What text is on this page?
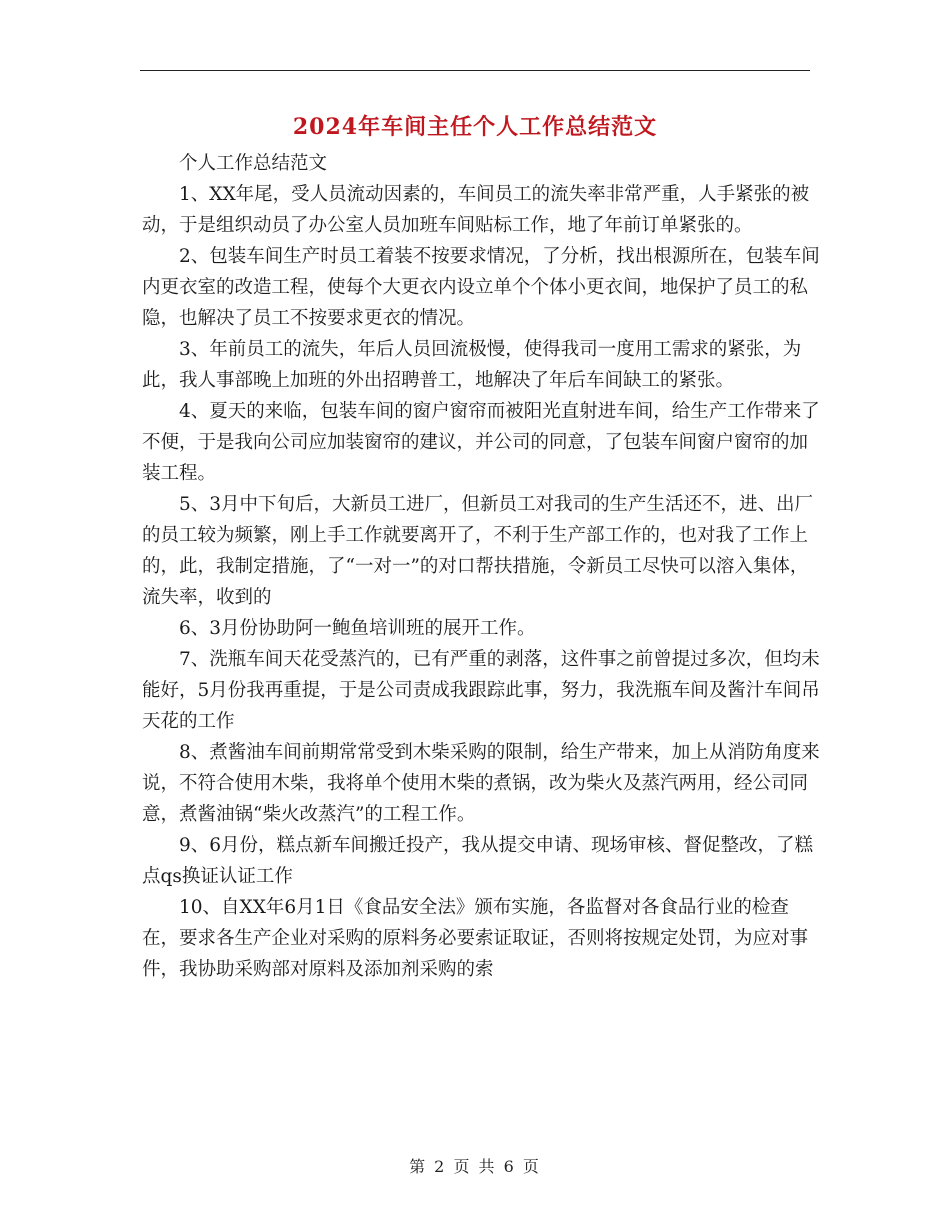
2024年车间主任个人工作总结范文

个人工作总结范文

1、XX年尾，受人员流动因素的，车间员工的流失率非常严重，人手紧张的被动，于是组织动员了办公室人员加班车间贴标工作，地了年前订单紧张的。

2、包装车间生产时员工着装不按要求情况，了分析，找出根源所在，包装车间内更衣室的改造工程，使每个大更衣内设立单个个体小更衣间，地保护了员工的私隐，也解决了员工不按要求更衣的情况。

3、年前员工的流失，年后人员回流极慢，使得我司一度用工需求的紧张，为此，我人事部晚上加班的外出招聘普工，地解决了年后车间缺工的紧张。

4、夏天的来临，包装车间的窗户窗帘而被阳光直射进车间，给生产工作带来了不便，于是我向公司应加装窗帘的建议，并公司的同意，了包装车间窗户窗帘的加装工程。

5、3月中下旬后，大新员工进厂，但新员工对我司的生产生活还不，进、出厂的员工较为频繁，刚上手工作就要离开了，不利于生产部工作的，也对我了工作上的，此，我制定措施，了“一对一”的对口帮扶措施，令新员工尽快可以溶入集体，流失率，收到的

6、3月份协助阿一鲍鱼培训班的展开工作。

7、洗瓶车间天花受蒸汽的，已有严重的剥落，这件事之前曾提过多次，但均未能好，5月份我再重提，于是公司责成我跟踪此事，努力，我洗瓶车间及酱汁车间吊天花的工作

8、煮酱油车间前期常常受到木柴采购的限制，给生产带来，加上从消防角度来说，不符合使用木柴，我将单个使用木柴的煮锅，改为柴火及蒸汽两用，经公司同意，煮酱油锅“柴火改蒸汽”的工程工作。

9、6月份，糕点新车间搬迁投产，我从提交申请、现场审核、督促整改，了糕点qs换证认证工作

10、自XX年6月1日《食品安全法》颁布实施，各监督对各食品行业的检查在，要求各生产企业对采购的原料务必要索证取证，否则将按规定处罚，为应对事件，我协助采购部对原料及添加剂采购的索

第 2 页 共 6 页
